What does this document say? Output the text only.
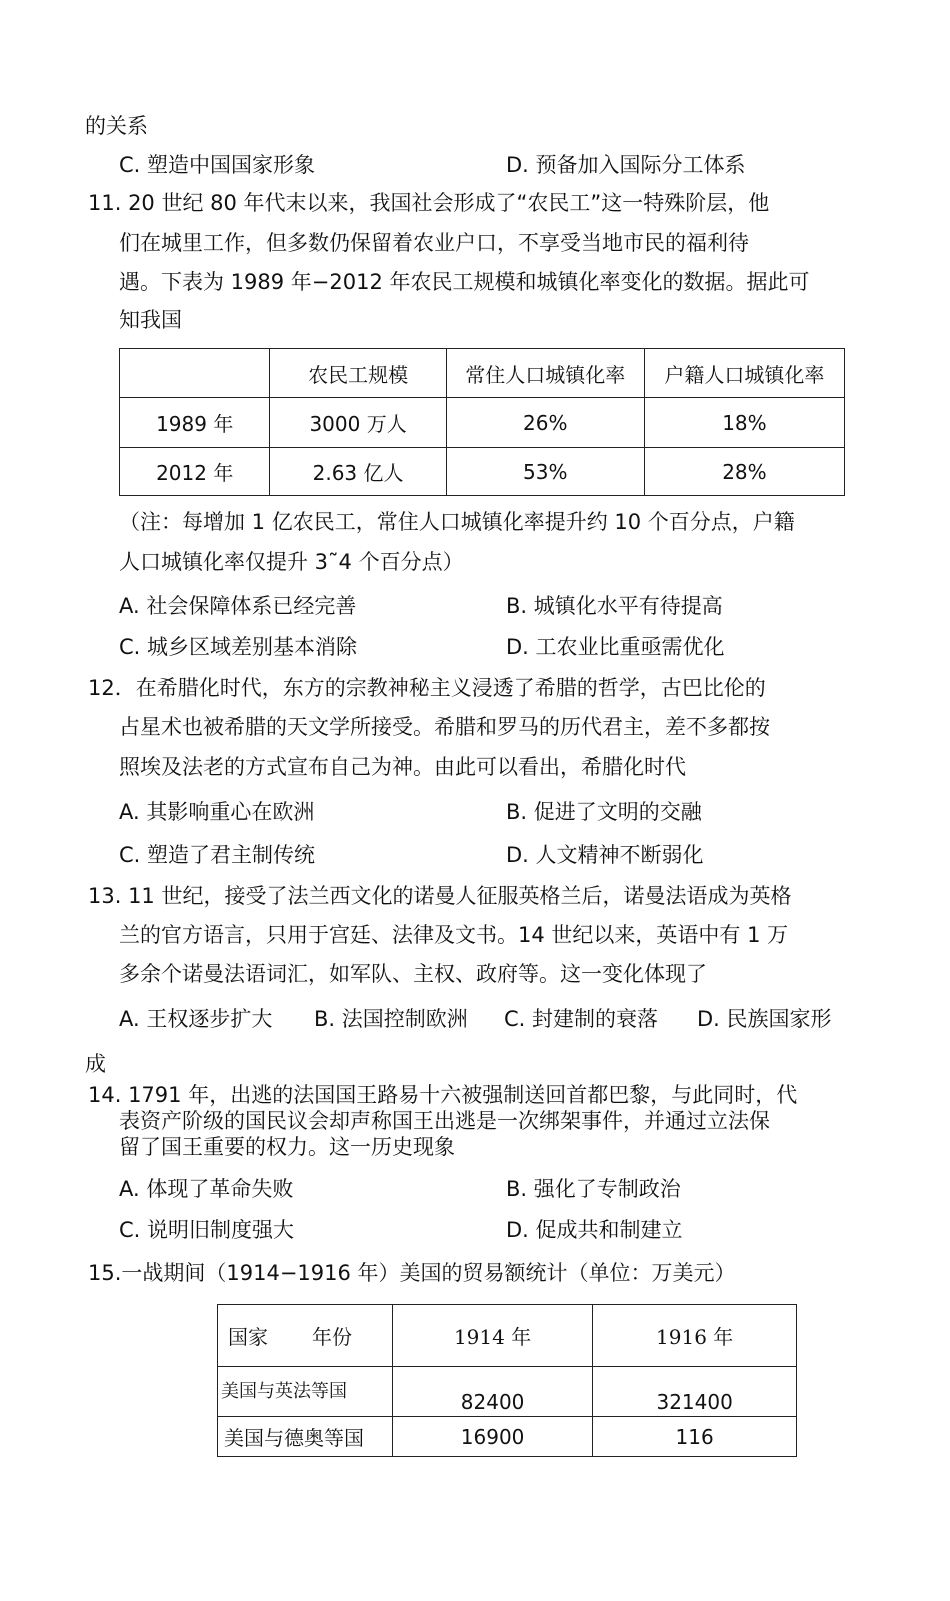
的关系
C. 塑造中国国家形象	D. 预备加入国际分工体系
11. 20 世纪 80 年代末以来，我国社会形成了“农民工”这一特殊阶层，他
们在城里工作，但多数仍保留着农业户口，不享受当地市民的福利待
遇。下表为 1989 年−2012 年农民工规模和城镇化率变化的数据。据此可
知我国
	农民工规模	常住人口城镇化率	户籍人口城镇化率
1989 年	3000 万人	26%	18%
2012 年	2.63 亿人	53%	28%
（注：每增加 1 亿农民工，常住人口城镇化率提升约 10 个百分点，户籍
人口城镇化率仅提升 3˜4 个百分点）
A. 社会保障体系已经完善	B. 城镇化水平有待提高
C. 城乡区域差别基本消除	D. 工农业比重亟需优化
12．在希腊化时代，东方的宗教神秘主义浸透了希腊的哲学，古巴比伦的
占星术也被希腊的天文学所接受。希腊和罗马的历代君主，差不多都按
照埃及法老的方式宣布自己为神。由此可以看出，希腊化时代
A. 其影响重心在欧洲	B. 促进了文明的交融
C. 塑造了君主制传统	D. 人文精神不断弱化
13. 11 世纪，接受了法兰西文化的诺曼人征服英格兰后，诺曼法语成为英格
兰的官方语言，只用于宫廷、法律及文书。14 世纪以来，英语中有 1 万
多余个诺曼法语词汇，如军队、主权、政府等。这一变化体现了
A. 王权逐步扩大 B. 法国控制欧洲 C. 封建制的衰落 D. 民族国家形
成
14. 1791 年，出逃的法国国王路易十六被强制送回首都巴黎，与此同时，代
表资产阶级的国民议会却声称国王出逃是一次绑架事件，并通过立法保
留了国王重要的权力。这一历史现象
A. 体现了革命失败	B. 强化了专制政治
C. 说明旧制度强大	D. 促成共和制建立
15.一战期间（1914−1916 年）美国的贸易额统计（单位：万美元）
国家 年份	1914 年	1916 年
美国与英法等国	82400	321400
美国与德奥等国	16900	116
